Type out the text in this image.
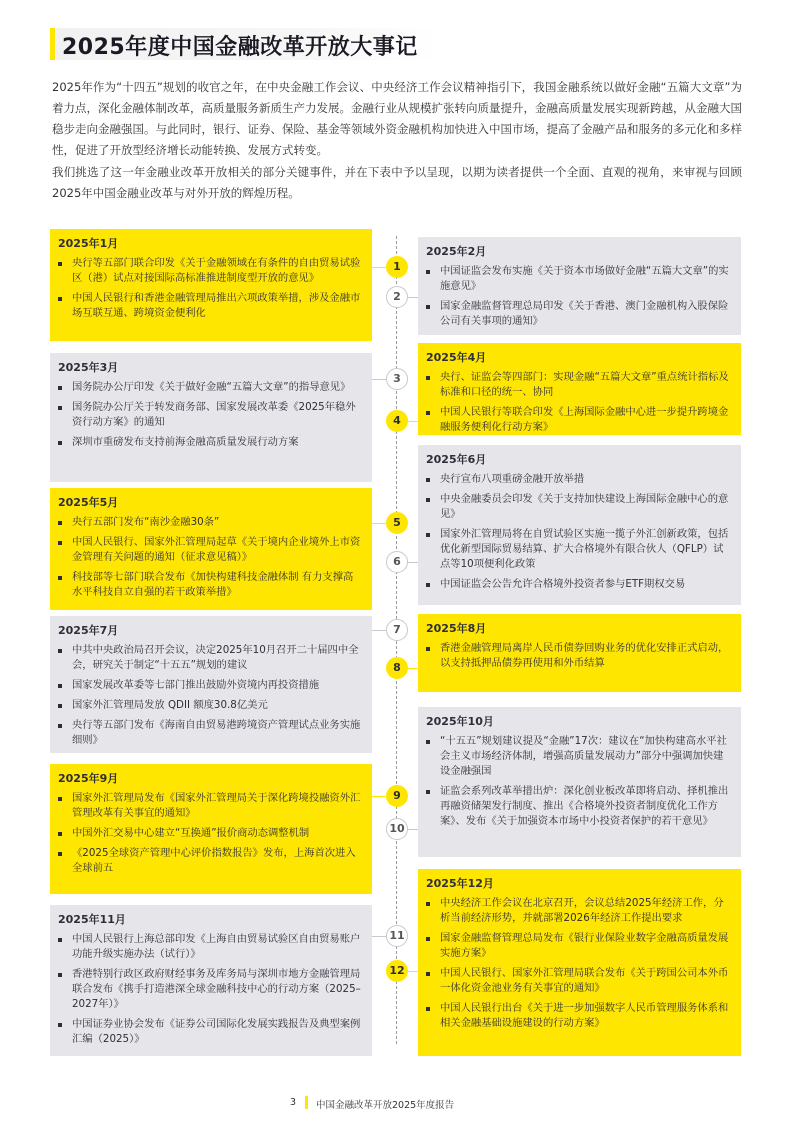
2025年度中国金融改革开放大事记
2025年作为“十四五”规划的收官之年，在中央金融工作会议、中央经济工作会议精神指引下，我国金融系统以做好金融“五篇大文章”为着力点，深化金融体制改革，高质量服务新质生产力发展。金融行业从规模扩张转向质量提升，金融高质量发展实现新跨越，从金融大国稳步走向金融强国。与此同时，银行、证券、保险、基金等领域外资金融机构加快进入中国市场，提高了金融产品和服务的多元化和多样性，促进了开放型经济增长动能转换、发展方式转变。
我们挑选了这一年金融业改革开放相关的部分关键事件，并在下表中予以呈现，以期为读者提供一个全面、直观的视角，来审视与回顾2025年中国金融业改革与对外开放的辉煌历程。
2025年1月
央行等五部门联合印发《关于金融领域在有条件的自由贸易试验区（港）试点对接国际高标准推进制度型开放的意见》
中国人民银行和香港金融管理局推出六项政策举措，涉及金融市场互联互通、跨境资金便利化
2025年3月
国务院办公厅印发《关于做好金融“五篇大文章”的指导意见》
国务院办公厅关于转发商务部、国家发展改革委《2025年稳外资行动方案》的通知
深圳市重磅发布支持前海金融高质量发展行动方案
2025年5月
央行五部门发布“南沙金融30条”
中国人民银行、国家外汇管理局起草《关于境内企业境外上市资金管理有关问题的通知（征求意见稿）》
科技部等七部门联合发布《加快构建科技金融体制 有力支撑高水平科技自立自强的若干政策举措》
2025年7月
中共中央政治局召开会议，决定2025年10月召开二十届四中全会，研究关于制定“十五五”规划的建议
国家发展改革委等七部门推出鼓励外资境内再投资措施
国家外汇管理局发放 QDII 额度30.8亿美元
央行等五部门发布《海南自由贸易港跨境资产管理试点业务实施细则》
2025年9月
国家外汇管理局发布《国家外汇管理局关于深化跨境投融资外汇管理改革有关事宜的通知》
中国外汇交易中心建立“互换通”报价商动态调整机制
《2025全球资产管理中心评价指数报告》发布，上海首次进入全球前五
2025年11月
中国人民银行上海总部印发《上海自由贸易试验区自由贸易账户功能升级实施办法（试行）》
香港特别行政区政府财经事务及库务局与深圳市地方金融管理局联合发布《携手打造港深全球金融科技中心的行动方案（2025–2027年）》
中国证券业协会发布《证券公司国际化发展实践报告及典型案例汇编（2025）》
2025年2月
中国证监会发布实施《关于资本市场做好金融“五篇大文章”的实施意见》
国家金融监督管理总局印发《关于香港、澳门金融机构入股保险公司有关事项的通知》
2025年4月
央行、证监会等四部门：实现金融“五篇大文章”重点统计指标及标准和口径的统一、协同
中国人民银行等联合印发《上海国际金融中心进一步提升跨境金融服务便利化行动方案》
2025年6月
央行宣布八项重磅金融开放举措
中央金融委员会印发《关于支持加快建设上海国际金融中心的意见》
国家外汇管理局将在自贸试验区实施一揽子外汇创新政策，包括优化新型国际贸易结算、扩大合格境外有限合伙人（QFLP）试点等10项便利化政策
中国证监会公告允许合格境外投资者参与ETF期权交易
2025年8月
香港金融管理局离岸人民币债券回购业务的优化安排正式启动，以支持抵押品债券再使用和外币结算
2025年10月
“十五五”规划建议提及“金融”17次：建议在“加快构建高水平社会主义市场经济体制，增强高质量发展动力”部分中强调加快建设金融强国
证监会系列改革举措出炉：深化创业板改革即将启动、择机推出再融资储架发行制度、推出《合格境外投资者制度优化工作方案》、发布《关于加强资本市场中小投资者保护的若干意见》
2025年12月
中央经济工作会议在北京召开，会议总结2025年经济工作，分析当前经济形势，并就部署2026年经济工作提出要求
国家金融监督管理总局发布《银行业保险业数字金融高质量发展实施方案》
中国人民银行、国家外汇管理局联合发布《关于跨国公司本外币一体化资金池业务有关事宜的通知》
中国人民银行出台《关于进一步加强数字人民币管理服务体系和相关金融基础设施建设的行动方案》
1
2
3
4
5
6
7
8
9
10
11
12
3 中国金融改革开放2025年度报告
